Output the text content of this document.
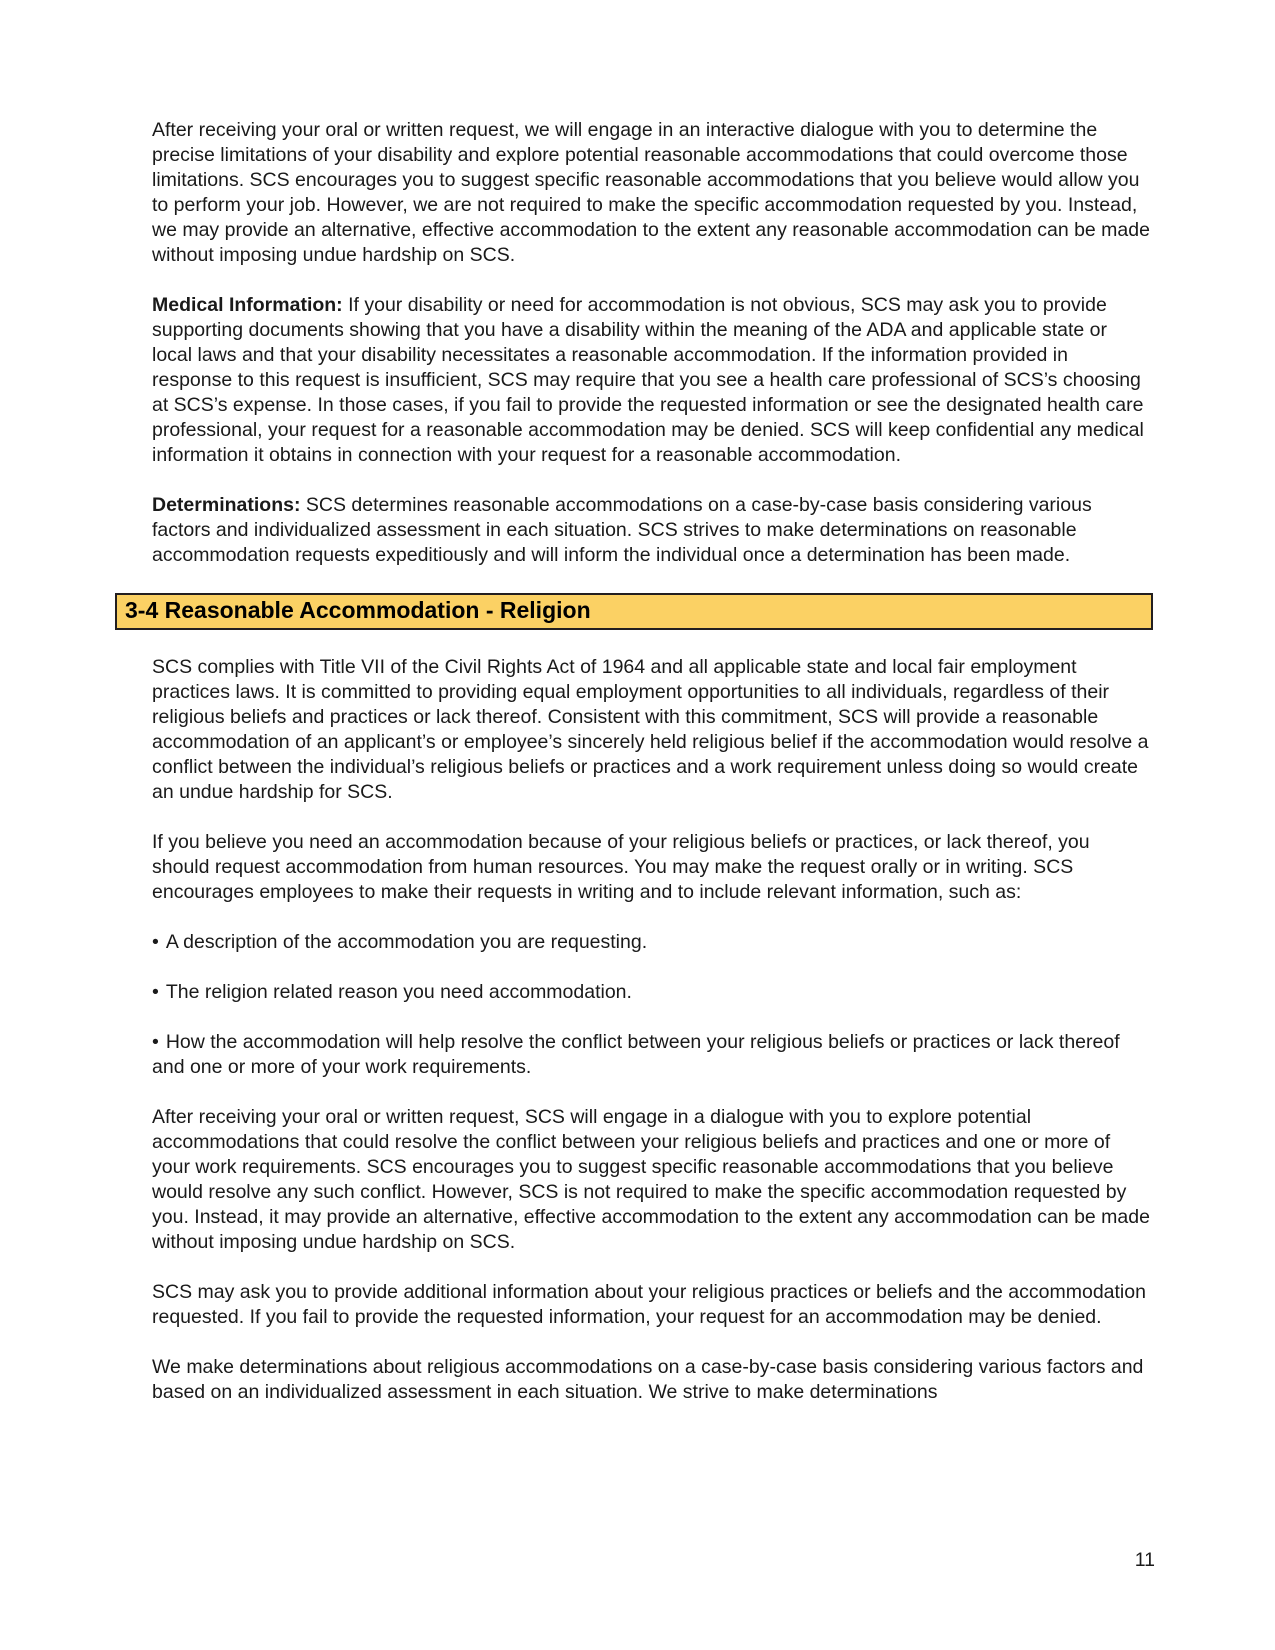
After receiving your oral or written request, we will engage in an interactive dialogue with you to determine the precise limitations of your disability and explore potential reasonable accommodations that could overcome those limitations. SCS encourages you to suggest specific reasonable accommodations that you believe would allow you to perform your job. However, we are not required to make the specific accommodation requested by you. Instead, we may provide an alternative, effective accommodation to the extent any reasonable accommodation can be made without imposing undue hardship on SCS.
Medical Information: If your disability or need for accommodation is not obvious, SCS may ask you to provide supporting documents showing that you have a disability within the meaning of the ADA and applicable state or local laws and that your disability necessitates a reasonable accommodation. If the information provided in response to this request is insufficient, SCS may require that you see a health care professional of SCS’s choosing at SCS’s expense. In those cases, if you fail to provide the requested information or see the designated health care professional, your request for a reasonable accommodation may be denied. SCS will keep confidential any medical information it obtains in connection with your request for a reasonable accommodation.
Determinations: SCS determines reasonable accommodations on a case-by-case basis considering various factors and individualized assessment in each situation. SCS strives to make determinations on reasonable accommodation requests expeditiously and will inform the individual once a determination has been made.
3-4 Reasonable Accommodation - Religion
SCS complies with Title VII of the Civil Rights Act of 1964 and all applicable state and local fair employment practices laws. It is committed to providing equal employment opportunities to all individuals, regardless of their religious beliefs and practices or lack thereof. Consistent with this commitment, SCS will provide a reasonable accommodation of an applicant’s or employee’s sincerely held religious belief if the accommodation would resolve a conflict between the individual’s religious beliefs or practices and a work requirement unless doing so would create an undue hardship for SCS.
If you believe you need an accommodation because of your religious beliefs or practices, or lack thereof, you should request accommodation from human resources. You may make the request orally or in writing. SCS encourages employees to make their requests in writing and to include relevant information, such as:
• A description of the accommodation you are requesting.
• The religion related reason you need accommodation.
• How the accommodation will help resolve the conflict between your religious beliefs or practices or lack thereof and one or more of your work requirements.
After receiving your oral or written request, SCS will engage in a dialogue with you to explore potential accommodations that could resolve the conflict between your religious beliefs and practices and one or more of your work requirements. SCS encourages you to suggest specific reasonable accommodations that you believe would resolve any such conflict. However, SCS is not required to make the specific accommodation requested by you. Instead, it may provide an alternative, effective accommodation to the extent any accommodation can be made without imposing undue hardship on SCS.
SCS may ask you to provide additional information about your religious practices or beliefs and the accommodation requested. If you fail to provide the requested information, your request for an accommodation may be denied.
We make determinations about religious accommodations on a case-by-case basis considering various factors and based on an individualized assessment in each situation. We strive to make determinations
11
